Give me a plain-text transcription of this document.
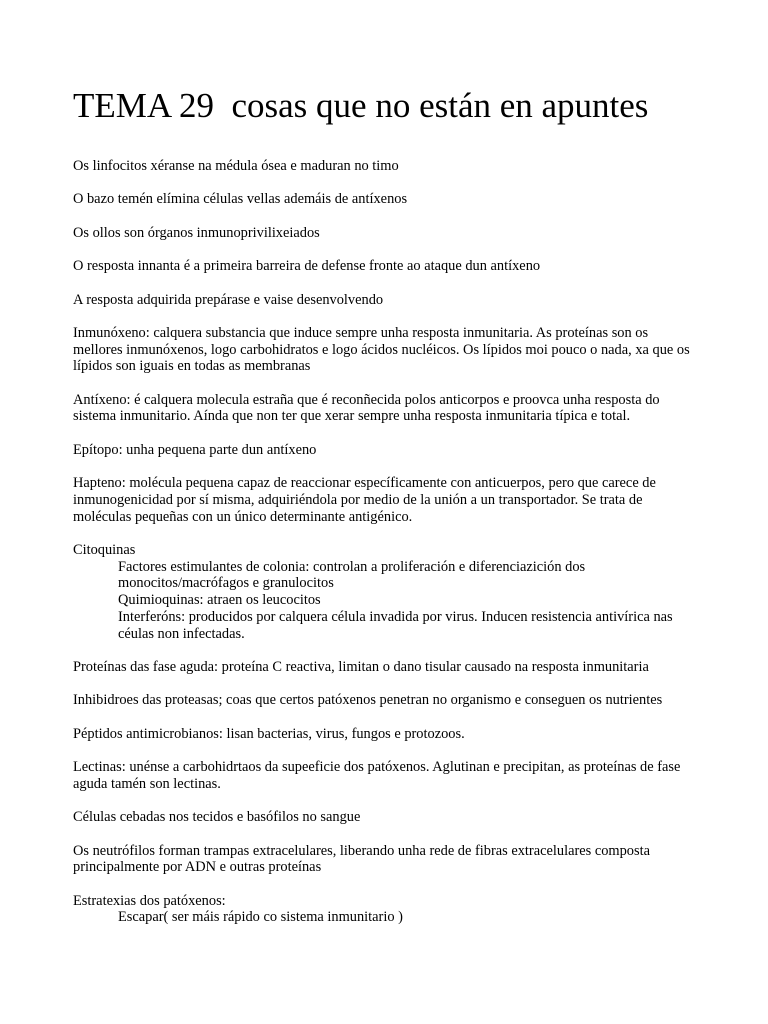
TEMA 29  cosas que no están en apuntes

Os linfocitos xéranse na médula ósea e maduran no timo

O bazo temén elímina células vellas ademáis de antíxenos

Os ollos son órganos inmunoprivilixeiados

O resposta innanta é a primeira barreira de defense fronte ao ataque dun antíxeno

A resposta adquirida prepárase e vaise desenvolvendo

Inmunóxeno: calquera substancia que induce sempre unha resposta inmunitaria. As proteínas son os mellores inmunóxenos, logo carbohidratos e logo ácidos nucléicos. Os lípidos moi pouco o nada, xa que os lípidos son iguais en todas as membranas

Antíxeno: é calquera molecula estraña que é reconñecida polos anticorpos e proovca unha resposta do sistema inmunitario. Aínda que non ter que xerar sempre unha resposta inmunitaria típica e total.

Epítopo: unha pequena parte dun antíxeno

Hapteno: molécula pequena capaz de reaccionar específicamente con anticuerpos, pero que carece de inmunogenicidad por sí misma, adquiriéndola por medio de la unión a un transportador. Se trata de moléculas pequeñas con un único determinante antigénico.

Citoquinas

Factores estimulantes de colonia: controlan a proliferación e diferenciazición dos monocitos/macrófagos e granulocitos

Quimioquinas: atraen os leucocitos

Interferóns: producidos por calquera célula invadida por virus. Inducen resistencia antivírica nas céulas non infectadas.

Proteínas das fase aguda: proteína C reactiva, limitan o dano tisular causado na resposta inmunitaria

Inhibidroes das proteasas; coas que certos patóxenos penetran no organismo e conseguen os nutrientes

Péptidos antimicrobianos: lisan bacterias, virus, fungos e protozoos.

Lectinas: unénse a carbohidrtaos da supeeficie dos patóxenos. Aglutinan e precipitan, as proteínas de fase aguda tamén son lectinas.

Células cebadas nos tecidos e basófilos no sangue

Os neutrófilos forman trampas extracelulares, liberando unha rede de fibras extracelulares composta principalmente por ADN e outras proteínas

Estratexias dos patóxenos:

Escapar( ser máis rápido co sistema inmunitario )
